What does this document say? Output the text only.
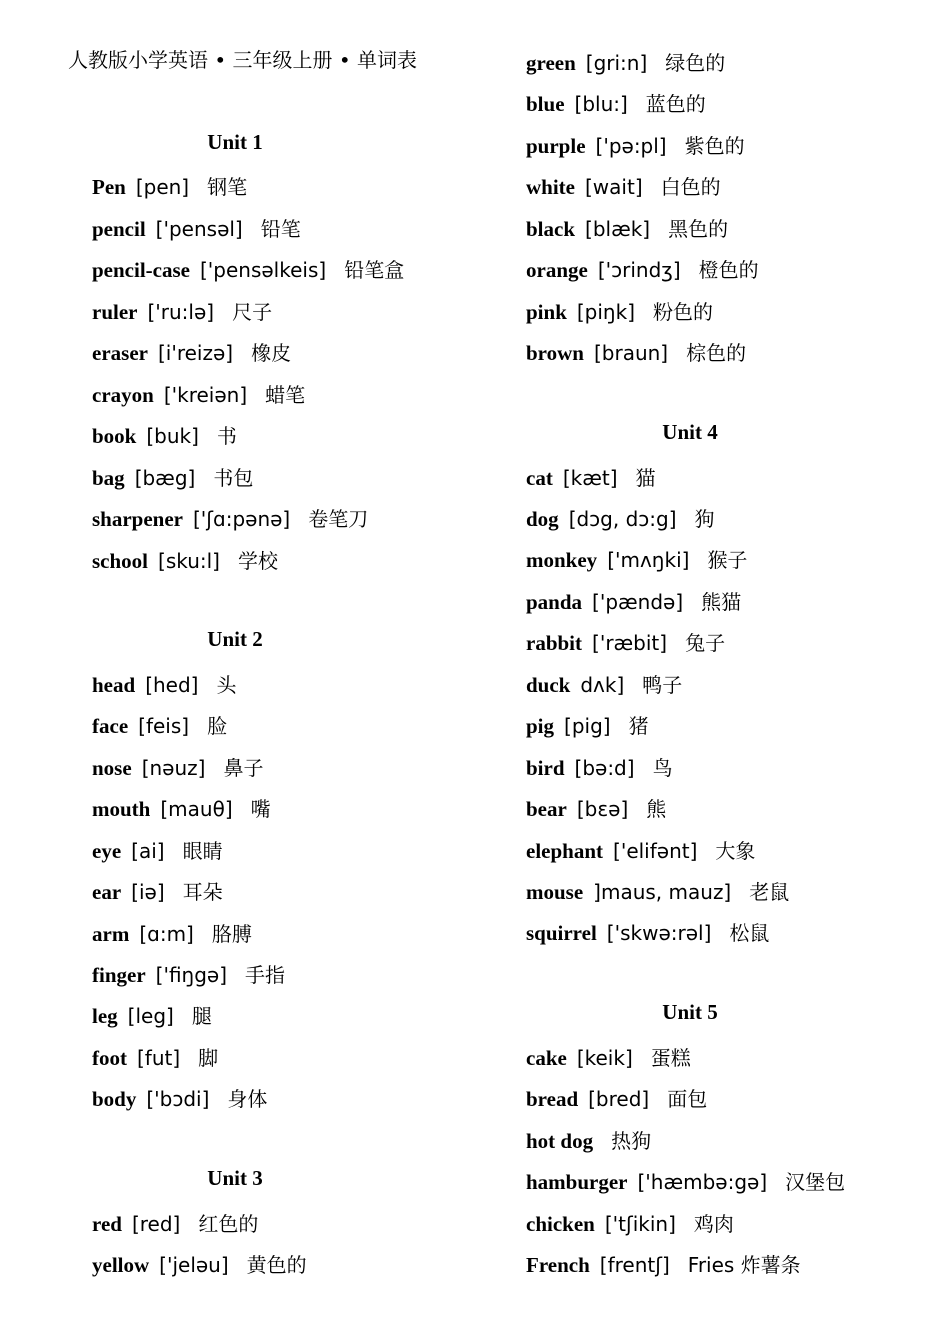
人教版小学英语 • 三年级上册 • 单词表
Unit 1
Pen [pen] 钢笔
pencil ['pensəl] 铅笔
pencil-case ['pensəlkeis] 铅笔盒
ruler ['ru:lə] 尺子
eraser [i'reizə] 橡皮
crayon ['kreiən] 蜡笔
book [buk] 书
bag [bæg] 书包
sharpener ['ʃɑ:pənə] 卷笔刀
school [sku:l] 学校
Unit 2
head [hed] 头
face [feis] 脸
nose [nəuz] 鼻子
mouth [mauθ] 嘴
eye [ai] 眼睛
ear [iə] 耳朵
arm [ɑ:m] 胳膊
finger ['fiŋgə] 手指
leg [leg] 腿
foot [fut] 脚
body ['bɔdi] 身体
Unit 3
red [red] 红色的
yellow ['jeləu] 黄色的
green [gri:n] 绿色的
blue [blu:] 蓝色的
purple ['pə:pl] 紫色的
white [wait] 白色的
black [blæk] 黑色的
orange ['ɔrindʒ] 橙色的
pink [piŋk] 粉色的
brown [braun] 棕色的
Unit 4
cat [kæt] 猫
dog [dɔg, dɔ:g] 狗
monkey ['mʌŋki] 猴子
panda ['pændə] 熊猫
rabbit ['ræbit] 兔子
duck dʌk] 鸭子
pig [pig] 猪
bird [bə:d] 鸟
bear [bɛə] 熊
elephant ['elifənt] 大象
mouse ]maus, mauz] 老鼠
squirrel ['skwə:rəl] 松鼠
Unit 5
cake [keik] 蛋糕
bread [bred] 面包
hot dog 热狗
hamburger ['hæmbə:gə] 汉堡包
chicken ['tʃikin] 鸡肉
French [frentʃ] Fries 炸薯条
